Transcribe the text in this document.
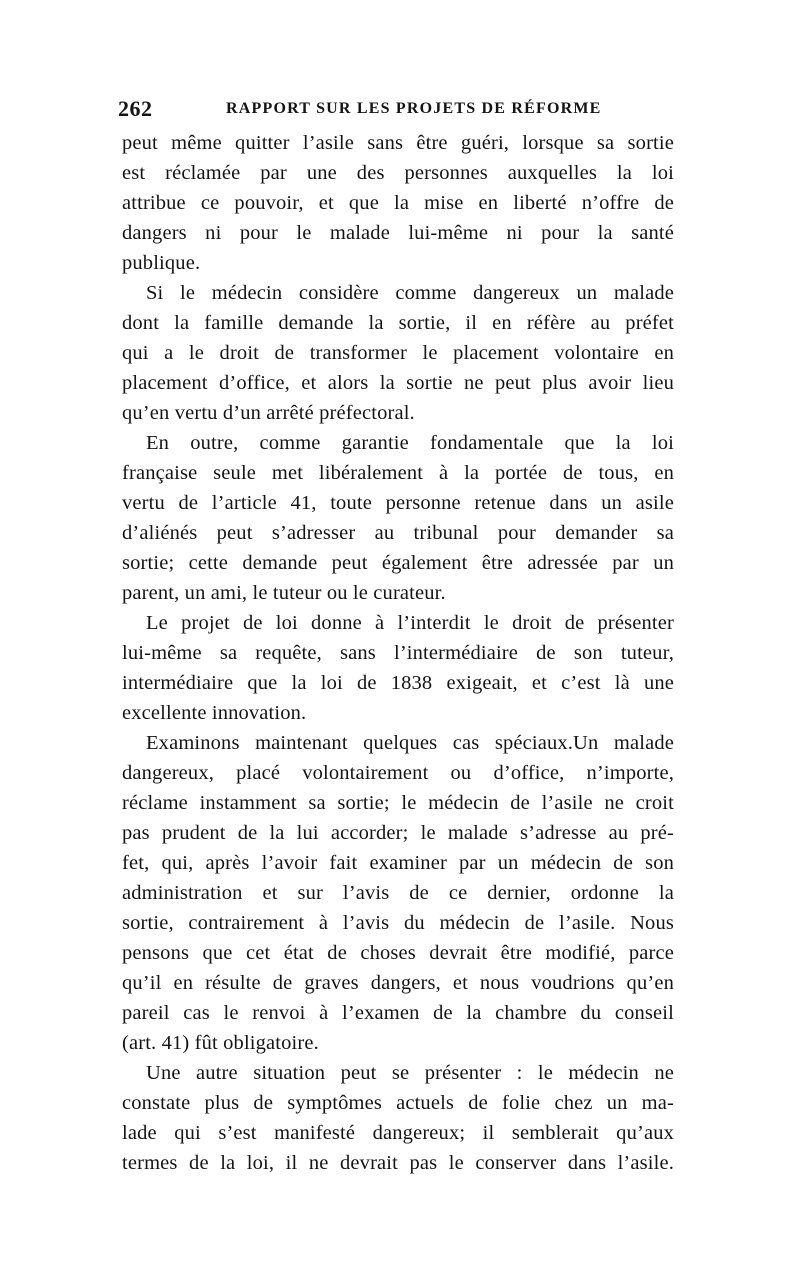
262	RAPPORT SUR LES PROJETS DE RÉFORME
peut même quitter l’asile sans être guéri, lorsque sa sortie
est réclamée par une des personnes auxquelles la loi
attribue ce pouvoir, et que la mise en liberté n’offre de
dangers ni pour le malade lui-même ni pour la santé
publique.
Si le médecin considère comme dangereux un malade
dont la famille demande la sortie, il en réfère au préfet
qui a le droit de transformer le placement volontaire en
placement d’office, et alors la sortie ne peut plus avoir lieu
qu’en vertu d’un arrêté préfectoral.
En outre, comme garantie fondamentale que la loi
française seule met libéralement à la portée de tous, en
vertu de l’article 41, toute personne retenue dans un asile
d’aliénés peut s’adresser au tribunal pour demander sa
sortie; cette demande peut également être adressée par un
parent, un ami, le tuteur ou le curateur.
Le projet de loi donne à l’interdit le droit de présenter
lui-même sa requête, sans l’intermédiaire de son tuteur,
intermédiaire que la loi de 1838 exigeait, et c’est là une
excellente innovation.
Examinons maintenant quelques cas spéciaux.Un malade
dangereux, placé volontairement ou d’office, n’importe,
réclame instamment sa sortie; le médecin de l’asile ne croit
pas prudent de la lui accorder; le malade s’adresse au pré-
fet, qui, après l’avoir fait examiner par un médecin de son
administration et sur l’avis de ce dernier, ordonne la
sortie, contrairement à l’avis du médecin de l’asile. Nous
pensons que cet état de choses devrait être modifié, parce
qu’il en résulte de graves dangers, et nous voudrions qu’en
pareil cas le renvoi à l’examen de la chambre du conseil
(art. 41) fût obligatoire.
Une autre situation peut se présenter : le médecin ne
constate plus de symptômes actuels de folie chez un ma-
lade qui s’est manifesté dangereux; il semblerait qu’aux
termes de la loi, il ne devrait pas le conserver dans l’asile.
